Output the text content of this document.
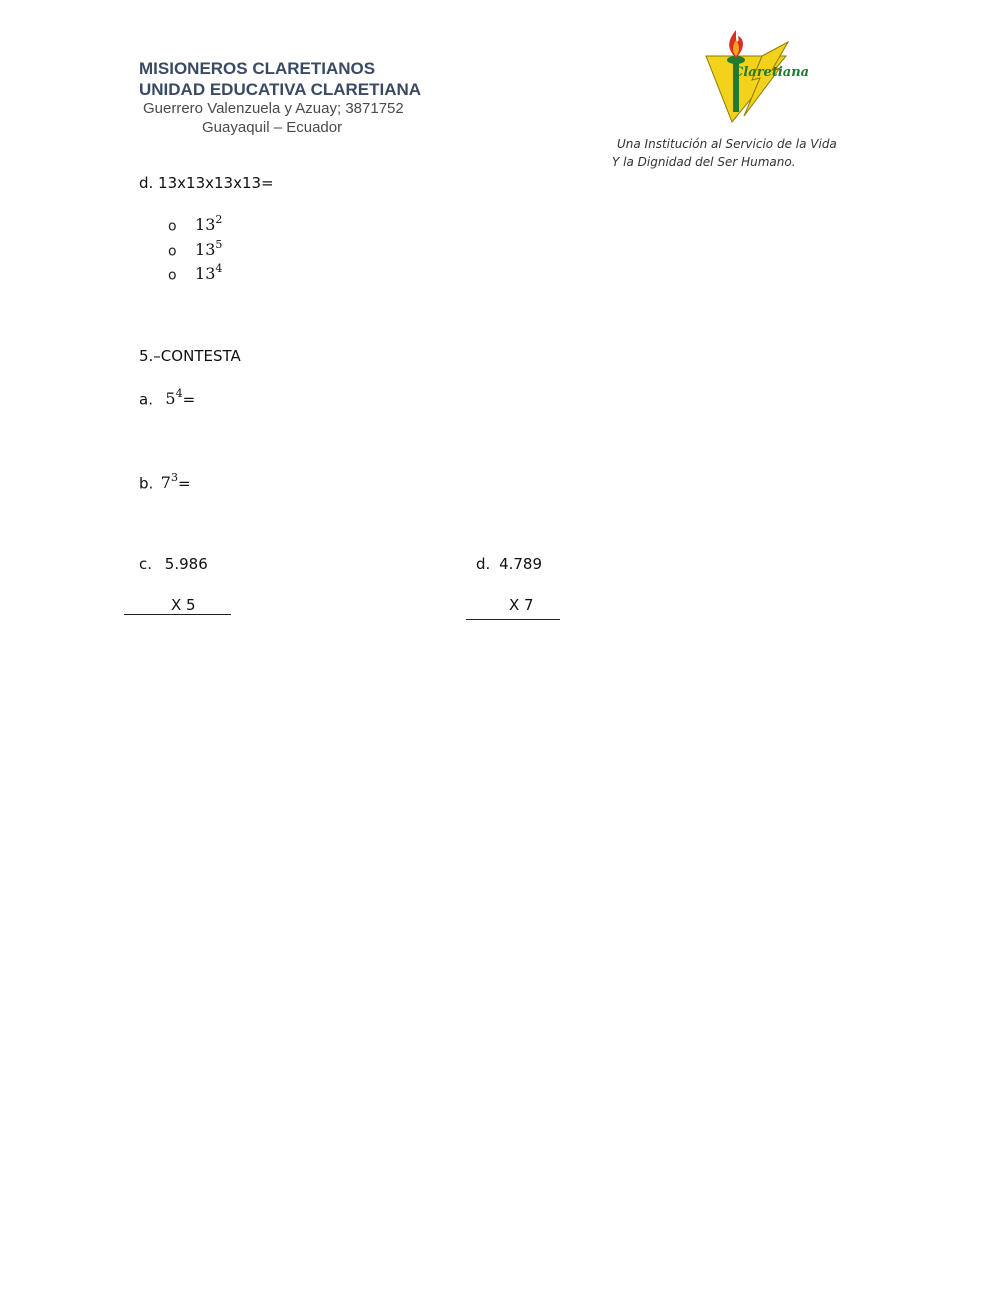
MISIONEROS CLARETIANOS
UNIDAD EDUCATIVA CLARETIANA
Guerrero Valenzuela y Azuay; 3871752
Guayaquil – Ecuador
Claretiana
Una Institución al Servicio de la Vida
Y la Dignidad del Ser Humano.
d. 13x13x13x13=
o $13^2$
o $13^5$
o $13^4$
5.–CONTESTA
a. $5^4=$
b. $7^3=$
c. 5.986
X 5
d. 4.789
X 7
